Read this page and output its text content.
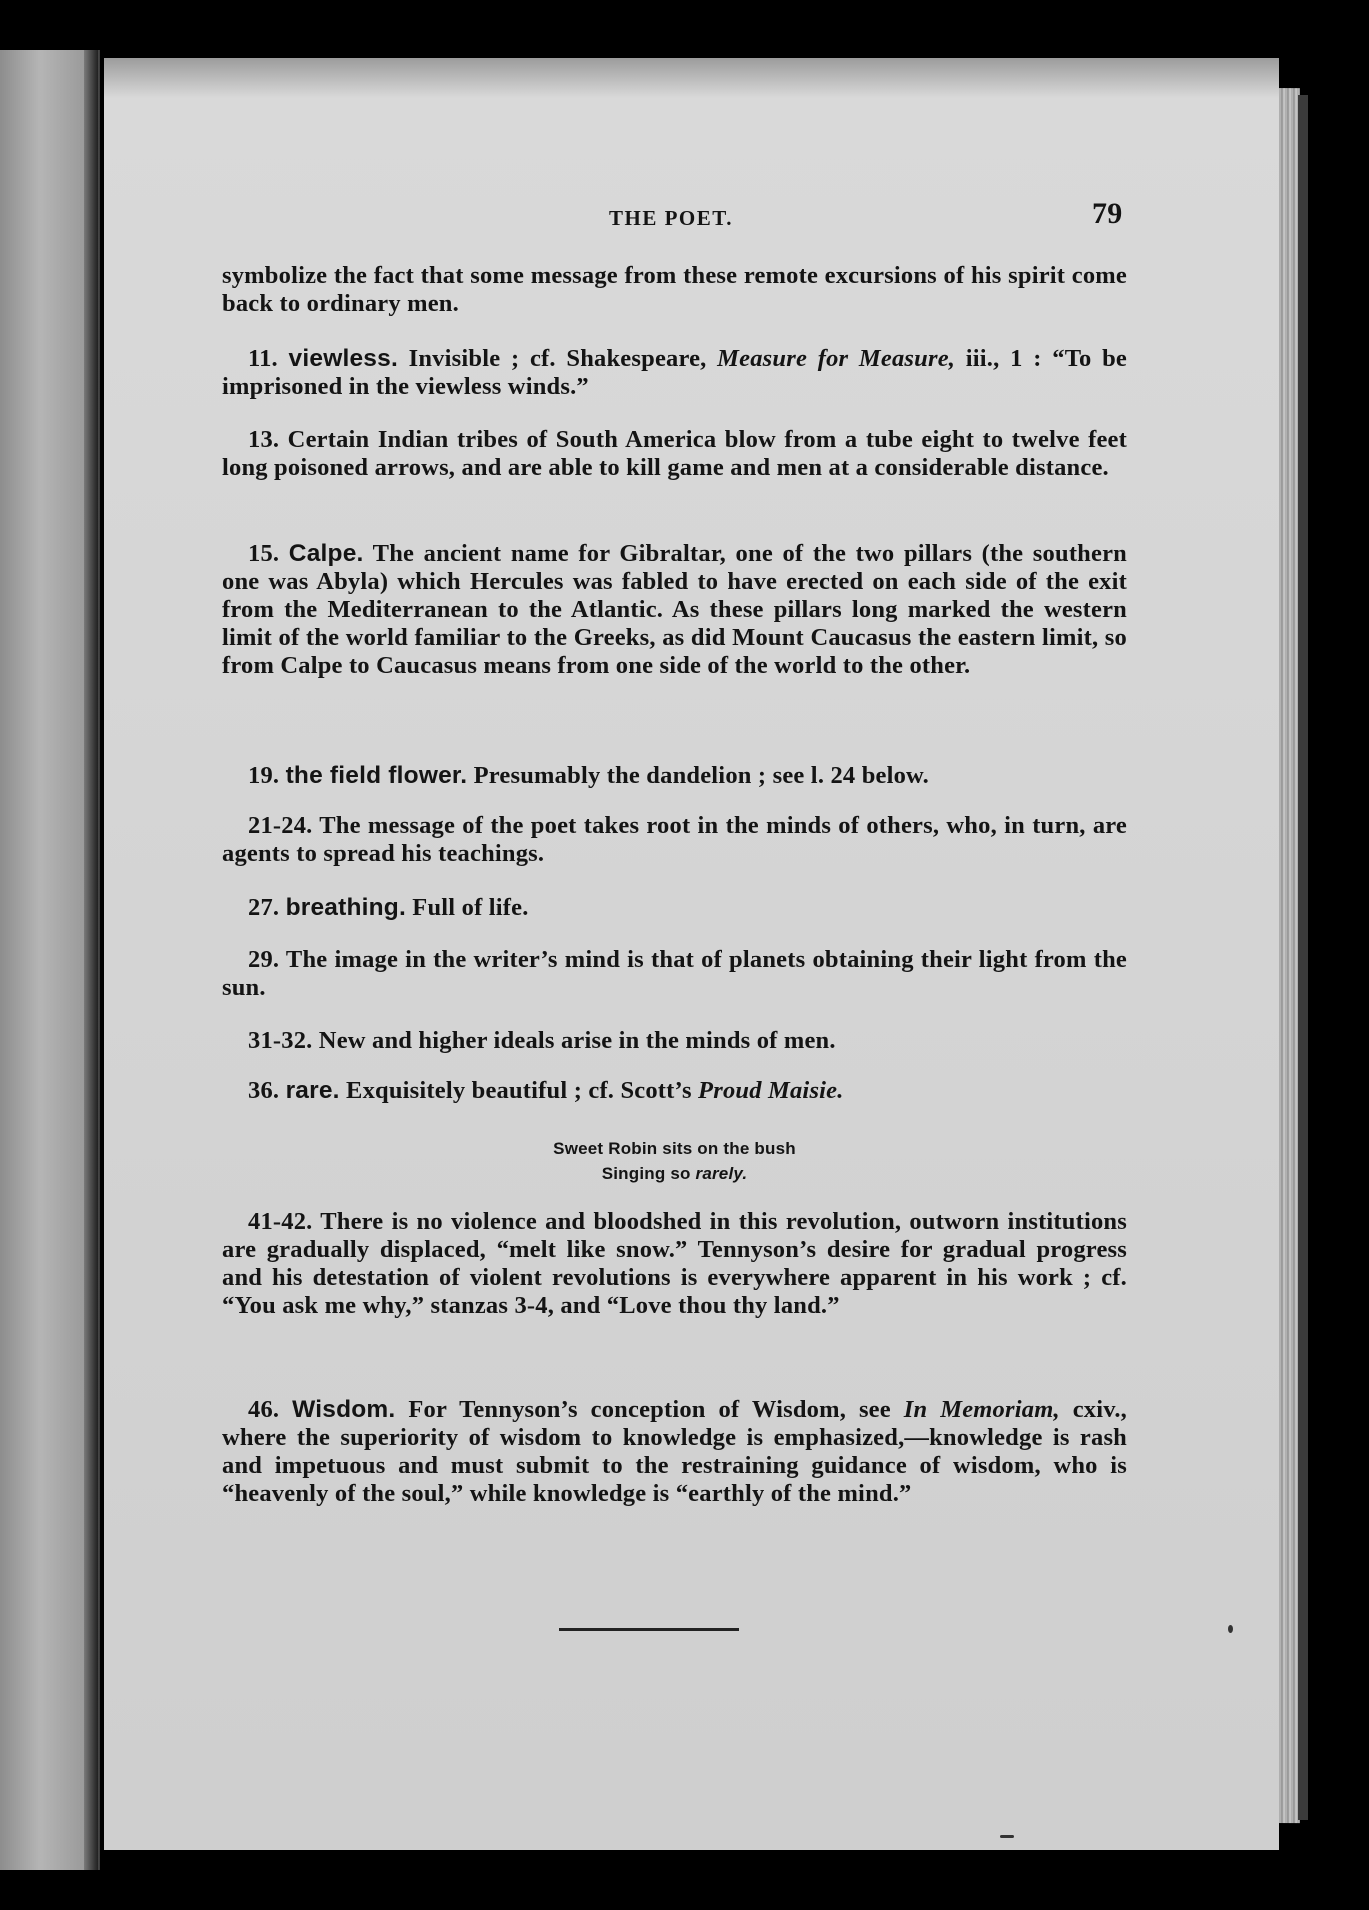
THE POET.	79

symbolize the fact that some message from these remote excursions of his spirit come back to ordinary men.

11. viewless. Invisible ; cf. Shakespeare, Measure for Measure, iii., 1 : “To be imprisoned in the viewless winds.”

13. Certain Indian tribes of South America blow from a tube eight to twelve feet long poisoned arrows, and are able to kill game and men at a considerable distance.

15. Calpe. The ancient name for Gibraltar, one of the two pillars (the southern one was Abyla) which Hercules was fabled to have erected on each side of the exit from the Mediterranean to the Atlantic. As these pillars long marked the western limit of the world familiar to the Greeks, as did Mount Caucasus the eastern limit, so from Calpe to Caucasus means from one side of the world to the other.

19. the field flower. Presumably the dandelion ; see l. 24 below.

21-24. The message of the poet takes root in the minds of others, who, in turn, are agents to spread his teachings.

27. breathing. Full of life.

29. The image in the writer’s mind is that of planets obtaining their light from the sun.

31-32. New and higher ideals arise in the minds of men.

36. rare. Exquisitely beautiful ; cf. Scott’s Proud Maisie.

Sweet Robin sits on the bush
Singing so rarely.

41-42. There is no violence and bloodshed in this revolution, outworn institutions are gradually displaced, “melt like snow.” Tennyson’s desire for gradual progress and his detestation of violent revolutions is everywhere apparent in his work ; cf. “You ask me why,” stanzas 3-4, and “Love thou thy land.”

46. Wisdom. For Tennyson’s conception of Wisdom, see In Memoriam, cxiv., where the superiority of wisdom to knowledge is emphasized,—knowledge is rash and impetuous and must submit to the restraining guidance of wisdom, who is “heavenly of the soul,” while knowledge is “earthly of the mind.”
